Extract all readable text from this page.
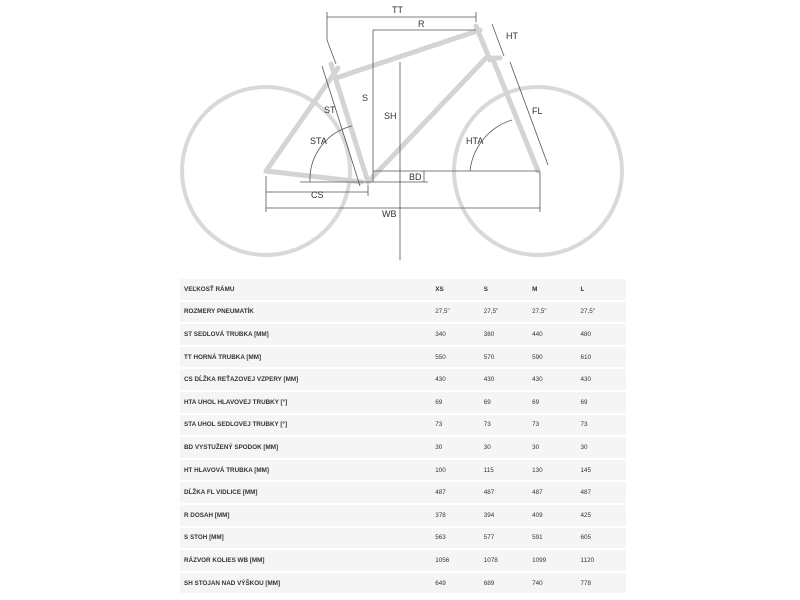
TT
R
HT
S
ST
SH	FL
STA	HTA
BD
CS
WB
VEĽKOSŤ RÁMU	XS	S	M	L
ROZMERY PNEUMATÍK	27,5"	27,5"	27,5"	27,5"
ST SEDLOVÁ TRUBKA [MM]	340	380	440	480
TT HORNÁ TRUBKA [MM]	550	570	590	610
CS DĹŽKA REŤAZOVEJ VZPERY [MM]	430	430	430	430
HTA UHOL HLAVOVEJ TRUBKY [°]	69	69	69	69
STA UHOL SEDLOVEJ TRUBKY [°]	73	73	73	73
BD VYSTUŽENÝ SPODOK [MM]	30	30	30	30
HT HLAVOVÁ TRUBKA [MM]	100	115	130	145
DĹŽKA FL VIDLICE [MM]	487	487	487	487
R DOSAH [MM]	378	394	409	425
S STOH [MM]	563	577	591	605
RÁZVOR KOLIES WB [MM]	1056	1078	1099	1120
SH STOJAN NAD VÝŠKOU [MM]	649	689	740	778
